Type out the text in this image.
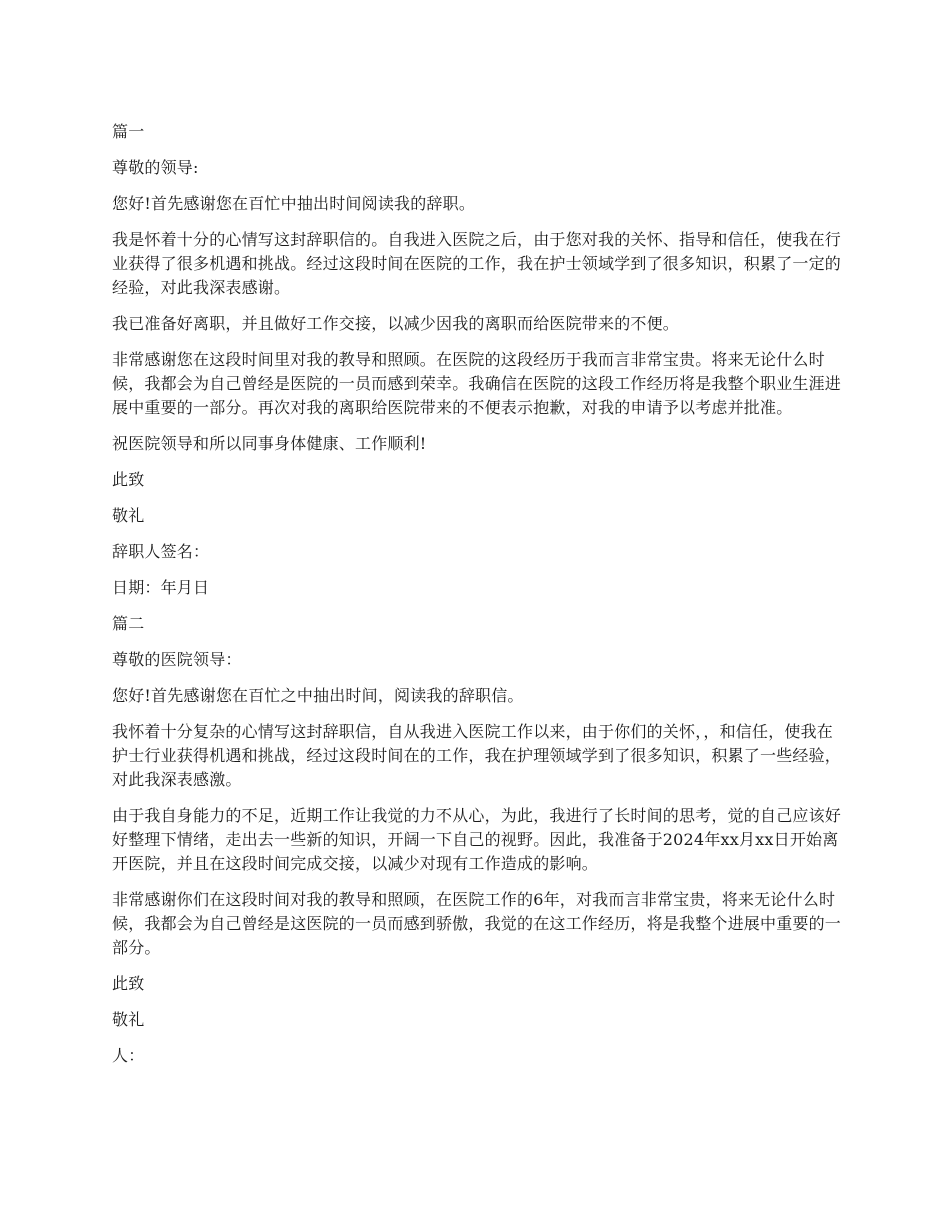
篇一

尊敬的领导:

您好!首先感谢您在百忙中抽出时间阅读我的辞职。

我是怀着十分的心情写这封辞职信的。自我进入医院之后，由于您对我的关怀、指导和信任，使我在行业获得了很多机遇和挑战。经过这段时间在医院的工作，我在护士领域学到了很多知识，积累了一定的经验，对此我深表感谢。

我已准备好离职，并且做好工作交接，以减少因我的离职而给医院带来的不便。

非常感谢您在这段时间里对我的教导和照顾。在医院的这段经历于我而言非常宝贵。将来无论什么时候，我都会为自己曾经是医院的一员而感到荣幸。我确信在医院的这段工作经历将是我整个职业生涯进展中重要的一部分。再次对我的离职给医院带来的不便表示抱歉，对我的申请予以考虑并批准。

祝医院领导和所以同事身体健康、工作顺利!

此致

敬礼

辞职人签名：

日期：年月日

篇二

尊敬的医院领导：

您好!首先感谢您在百忙之中抽出时间，阅读我的辞职信。

我怀着十分复杂的心情写这封辞职信，自从我进入医院工作以来，由于你们的关怀，，和信任，使我在护士行业获得机遇和挑战，经过这段时间在的工作，我在护理领域学到了很多知识，积累了一些经验，对此我深表感激。

由于我自身能力的不足，近期工作让我觉的力不从心，为此，我进行了长时间的思考，觉的自己应该好好整理下情绪，走出去一些新的知识，开阔一下自己的视野。因此，我准备于2024年xx月xx日开始离开医院，并且在这段时间完成交接，以减少对现有工作造成的影响。

非常感谢你们在这段时间对我的教导和照顾，在医院工作的6年，对我而言非常宝贵，将来无论什么时候，我都会为自己曾经是这医院的一员而感到骄傲，我觉的在这工作经历，将是我整个进展中重要的一部分。

此致

敬礼

人：
